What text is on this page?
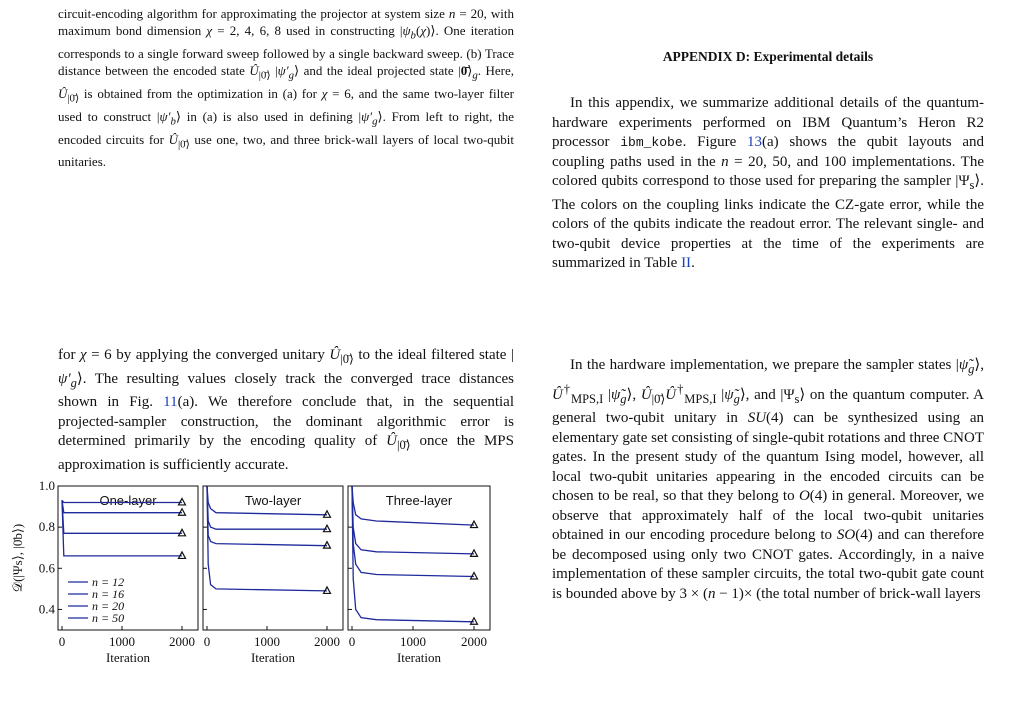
circuit-encoding algorithm for approximating the projector at system size n = 20, with maximum bond dimension χ = 2, 4, 6, 8 used in constructing $|\psi_b(\chi)⟩$. One iteration corresponds to a single forward sweep followed by a single backward sweep. (b) Trace distance between the encoded state $Û_{|0̄⟩}$ $|\psi'_g⟩$ and the ideal projected state $|0̄⟩_g$. Here, $Û_{|0̄⟩}$ is obtained from the optimization in (a) for χ = 6, and the same two-layer filter used to construct $|\psi'_b⟩$ in (a) is also used in defining $|\psi'_g⟩$. From left to right, the encoded circuits for $Û_{|0̄⟩}$ use one, two, and three brick-wall layers of local two-qubit unitaries.

for χ = 6 by applying the converged unitary $Û_{|0̄⟩}$ to the ideal filtered state $|\psi'_g⟩$. The resulting values closely track the converged trace distances shown in Fig. 11(a). We therefore conclude that, in the sequential projected-sampler construction, the dominant algorithmic error is determined primarily by the encoding quality of $Û_{|0̄⟩}$ once the MPS approximation is sufficiently accurate.

One-layer
0	1000	2000
Iteration
0.4
0.6
0.8
1.0
n = 12
n = 16
n = 20
n = 50
Two-layer
0	1000	2000
Iteration
Three-layer
0	1000	2000
Iteration
𝒟(|Ψs⟩, |0̄b⟩)

APPENDIX D: Experimental details

In this appendix, we summarize additional details of the quantum-hardware experiments performed on IBM Quantum’s Heron R2 processor ibm_kobe. Figure 13(a) shows the qubit layouts and coupling paths used in the n = 20, 50, and 100 implementations. The colored qubits correspond to those used for preparing the sampler $|\Psi_s⟩$. The colors on the coupling links indicate the CZ-gate error, while the colors of the qubits indicate the readout error. The relevant single- and two-qubit device properties at the time of the experiments are summarized in Table II.

In the hardware implementation, we prepare the sampler states $|\psĩ_g⟩$, $Û^\dagger_{MPS,I}$ $|\psĩ_g⟩$, $Û_{|0̄⟩}Û^\dagger_{MPS,I}$ $|\psĩ_g⟩$, and $|\Psi_s⟩$ on the quantum computer. A general two-qubit unitary in SU(4) can be synthesized using an elementary gate set consisting of single-qubit rotations and three CNOT gates. In the present study of the quantum Ising model, however, all local two-qubit unitaries appearing in the encoded circuits can be chosen to be real, so that they belong to O(4) in general. Moreover, we observe that approximately half of the local two-qubit unitaries obtained in our encoding procedure belong to SO(4) and can therefore be decomposed using only two CNOT gates. Accordingly, in a naive implementation of these sampler circuits, the total two-qubit gate count is bounded above by 3 × (n − 1)× (the total number of brick-wall layers
